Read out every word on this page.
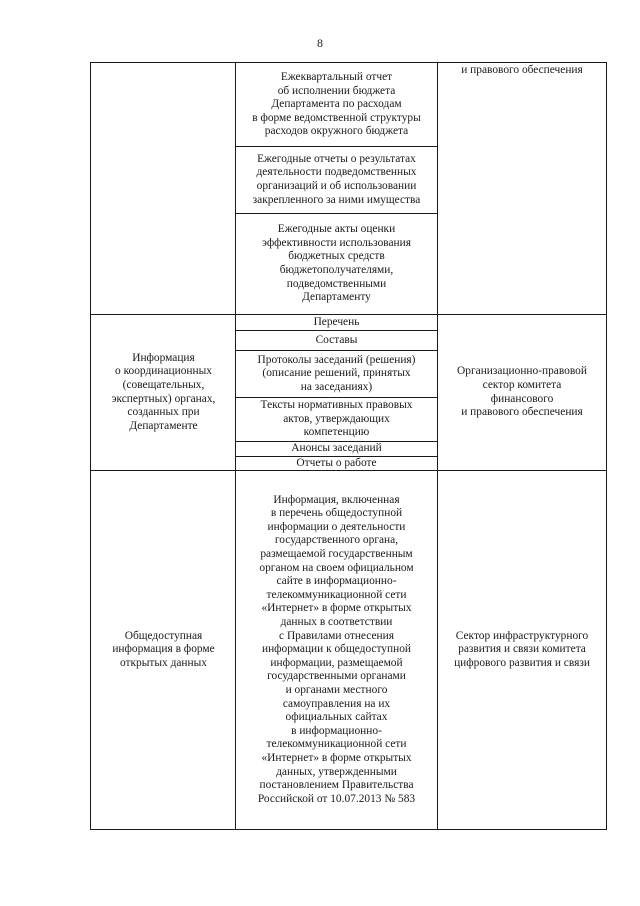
8
Ежеквартальный отчет
об исполнении бюджета
Департамента по расходам
в форме ведомственной структуры
расходов окружного бюджета
Ежегодные отчеты о результатах
деятельности подведомственных
организаций и об использовании
закрепленного за ними имущества
Ежегодные акты оценки
эффективности использования
бюджетных средств
бюджетополучателями,
подведомственными
Департаменту
и правового обеспечения
Информация
о координационных
(совещательных,
экспертных) органах,
созданных при
Департаменте
Перечень
Составы
Протоколы заседаний (решения)
(описание решений, принятых
на заседаниях)
Тексты нормативных правовых
актов, утверждающих
компетенцию
Анонсы заседаний
Отчеты о работе
Организационно-правовой
сектор комитета
финансового
и правового обеспечения
Общедоступная
информация в форме
открытых данных
Информация, включенная
в перечень общедоступной
информации о деятельности
государственного органа,
размещаемой государственным
органом на своем официальном
сайте в информационно-
телекоммуникационной сети
«Интернет» в форме открытых
данных в соответствии
с Правилами отнесения
информации к общедоступной
информации, размещаемой
государственными органами
и органами местного
самоуправления на их
официальных сайтах
в информационно-
телекоммуникационной сети
«Интернет» в форме открытых
данных, утвержденными
постановлением Правительства
Российской от 10.07.2013 № 583
Сектор инфраструктурного
развития и связи комитета
цифрового развития и связи
